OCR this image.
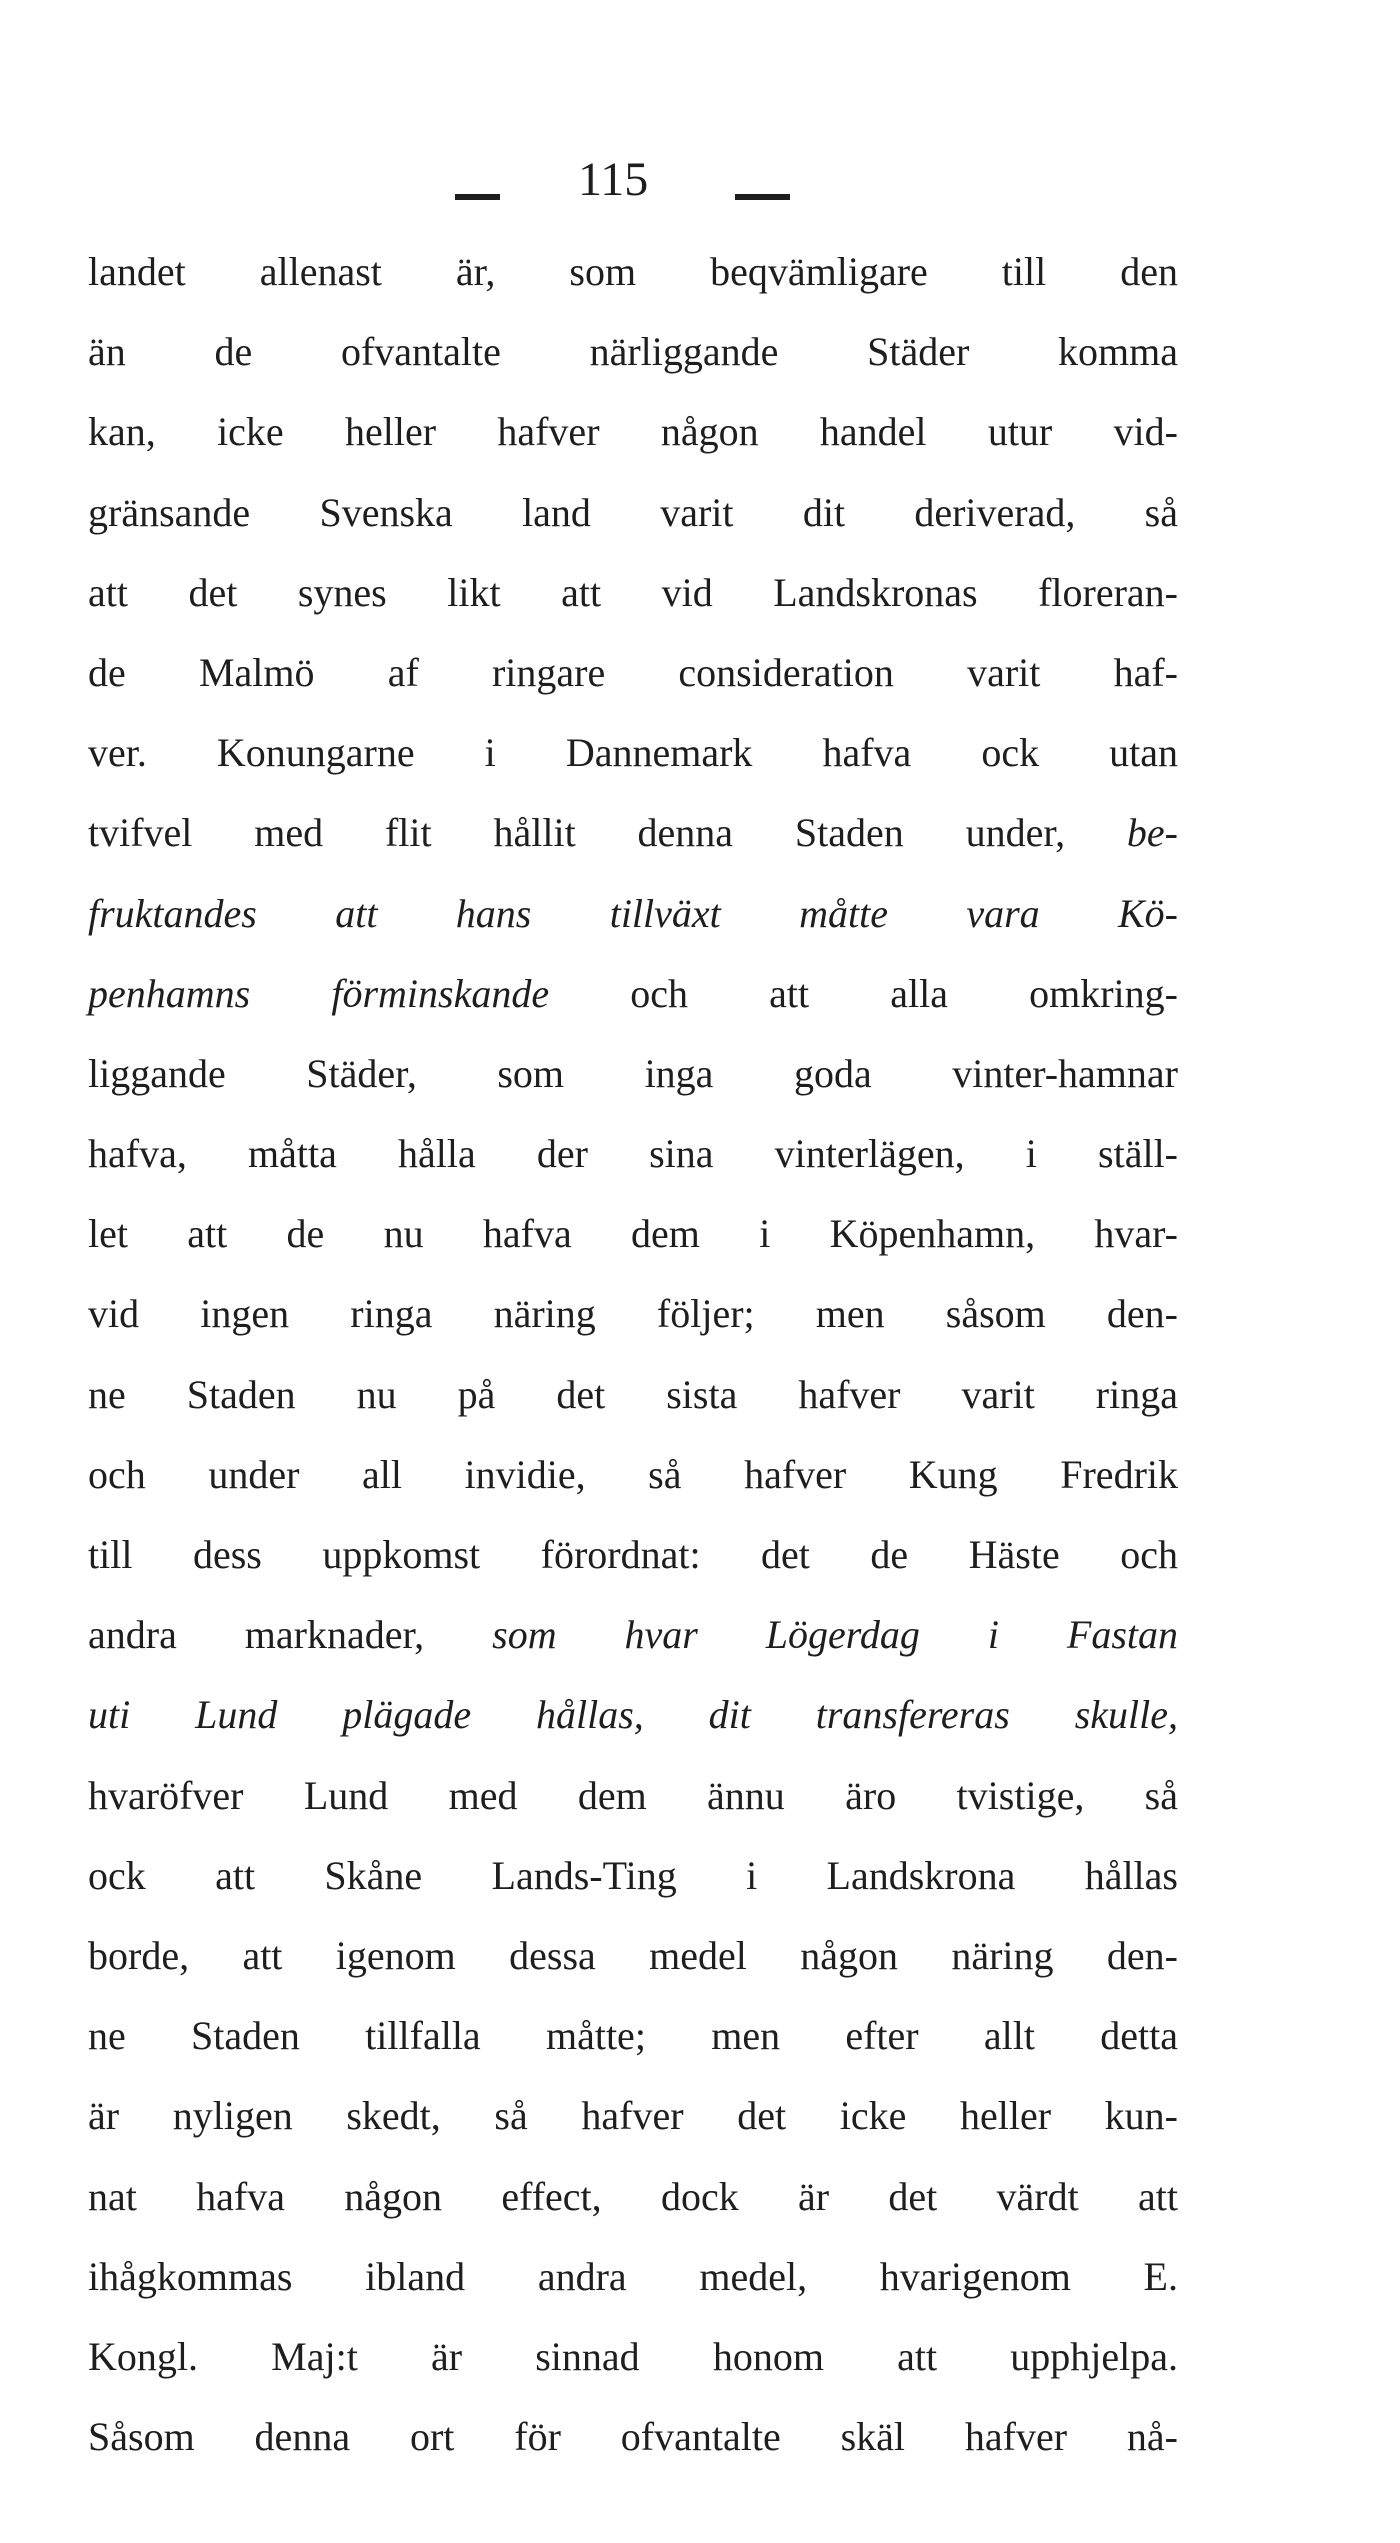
115
landet allenast är, som beqvämligare till den
än de ofvantalte närliggande Städer komma
kan, icke heller hafver någon handel utur vid-
gränsande Svenska land varit dit deriverad, så
att det synes likt att vid Landskronas floreran-
de Malmö af ringare consideration varit haf-
ver. Konungarne i Dannemark hafva ock utan
tvifvel med flit hållit denna Staden under, be-
fruktandes att hans tillväxt måtte vara Kö-
penhamns förminskande och att alla omkring-
liggande Städer, som inga goda vinter-hamnar
hafva, måtta hålla der sina vinterlägen, i ställ-
let att de nu hafva dem i Köpenhamn, hvar-
vid ingen ringa näring följer; men såsom den-
ne Staden nu på det sista hafver varit ringa
och under all invidie, så hafver Kung Fredrik
till dess uppkomst förordnat: det de Häste och
andra marknader, som hvar Lögerdag i Fastan
uti Lund plägade hållas, dit transfereras skulle,
hvaröfver Lund med dem ännu äro tvistige, så
ock att Skåne Lands-Ting i Landskrona hållas
borde, att igenom dessa medel någon näring den-
ne Staden tillfalla måtte; men efter allt detta
är nyligen skedt, så hafver det icke heller kun-
nat hafva någon effect, dock är det värdt att
ihågkommas ibland andra medel, hvarigenom E.
Kongl. Maj:t är sinnad honom att upphjelpa.
Såsom denna ort för ofvantalte skäl hafver nå-
